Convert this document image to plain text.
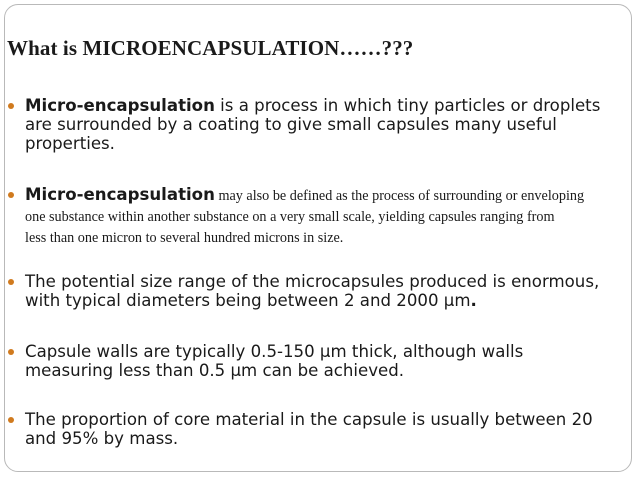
What is MICROENCAPSULATION……???
Micro-encapsulation is a process in which tiny particles or droplets
are surrounded by a coating to give small capsules many useful
properties.
Micro-encapsulation may also be defined as the process of surrounding or enveloping
one substance within another substance on a very small scale, yielding capsules ranging from
less than one micron to several hundred microns in size.
The potential size range of the microcapsules produced is enormous,
with typical diameters being between 2 and 2000 μm.
Capsule walls are typically 0.5-150 μm thick, although walls
measuring less than 0.5 μm can be achieved.
The proportion of core material in the capsule is usually between 20
and 95% by mass.
